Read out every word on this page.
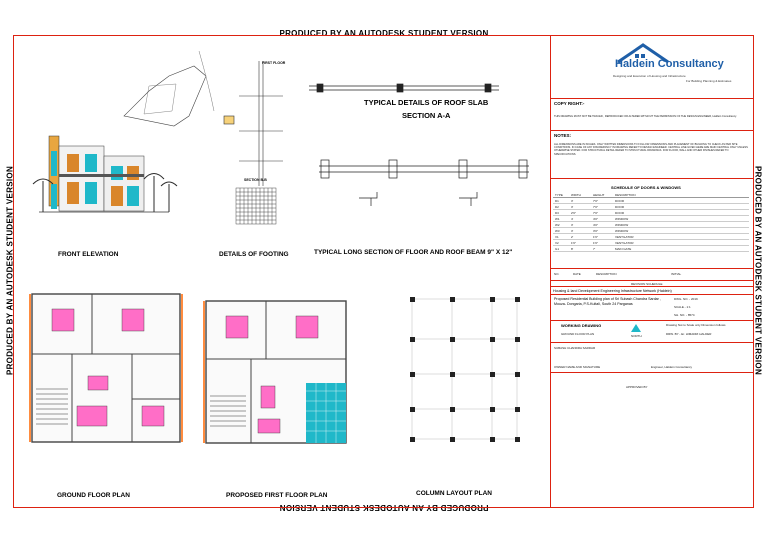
PRODUCED BY AN AUTODESK STUDENT VERSION
PRODUCED BY AN AUTODESK STUDENT VERSION
PRODUCED BY AN AUTODESK STUDENT VERSION	PRODUCED BY AN AUTODESK STUDENT VERSION
FRONT ELEVATION	DETAILS OF FOOTING	TYPICAL LONG SECTION OF FLOOR AND ROOF BEAM 9" X 12"
TYPICAL DETAILS OF ROOF SLAB
SECTION A-A
SECTION B-B
FIRST FLOOR
GROUND FLOOR PLAN	PROPOSED FIRST FLOOR PLAN	COLUMN LAYOUT PLAN
Haldein Consultancy
Designing and Execution of Housing and Infrastructure
For Building Planning & Estimates
COPY RIGHT:-
THIS DRAWING MUST NOT BE TRACED , REPRODUCED OR ALTERED WITHOUT THE PERMISSION OF THE DESIGN ENGINEER, Haldein Consultancy.
NOTES:
ALL DIMENSIONS ARE IN INCHES. ONLY WRITTEN DIMENSIONS TO FOLLOW. DIMENSIONS AND PLACEMENT OF BUILDING TO CHECK AS PER SITE CONDITIONS. IN CASE OF ANY DISCREPANCY IN DRAWING REFER TO DESIGN ENGINEER. CENTRAL LINE GIVEN HERE ARE MAIN CENTRAL ONLY UNLESS OTHERWISE STATED. FOR STRUCTURAL DETAIL REFER TO STRUCTURAL DRAWINGS. FOR FLOOR, WALL AND OTHER FINISHES REFER TO SPECIFICATIONS.
SCHEDULE OF DOORS & WINDOWS
TYPE	WIDTH	HEIGHT	DESCRIPTION
D1	3'	7'0"	DOOR
D2	3'	7'0"	DOOR
D3	2'6"	7'0"	DOOR
W1	4'	4'0"	WINDOW
W2	3'	4'0"	WINDOW
W3	3'	3'0"	WINDOW
V1	2'	1'6"	VENTILATOR
V2	1'6"	1'6"	VENTILATOR
G1	8'	7'	MAIN GATE
NO.	DATE	DESCRIPTION	INITIAL
REVISION SCHEDULE
Housing & land Development Engineering Infrastructure Network (Haldein)
Proposed Residential Building plan of Sri Subash Chandra Sardar , Mouza- Dongaria, P.S-Kultali, South 24 Parganas
DWG. NO. - 2019
SCALE - 1:1
SH. NO. - 8574
WORKING DRAWING
GROUND FLOOR PLAN	NORTH
Drawing Not to Scale only Dimension follows
DRW. BY - Er. HIMADRI HALDER
SUBASH CHANDRA SARDAR
OWNER NAME AND SIGNATURE	Engineer, Haldein Consultancy
APPROVED BY
